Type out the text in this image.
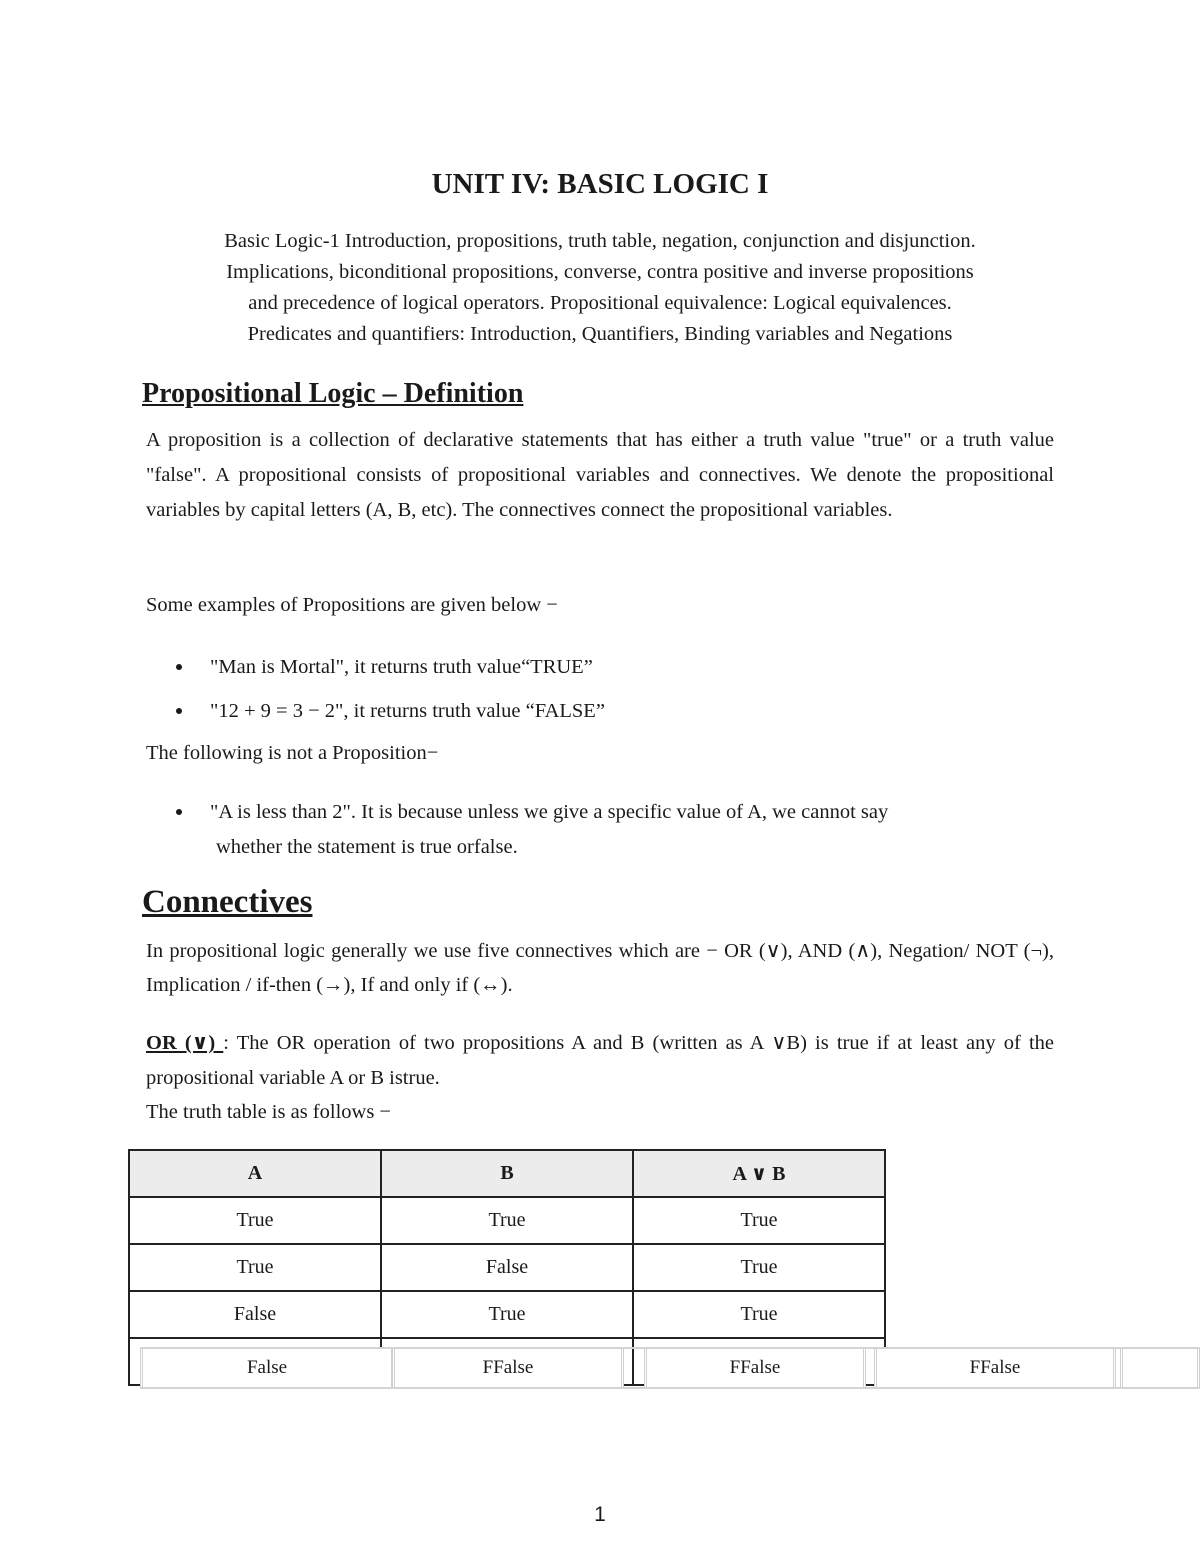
UNIT IV: BASIC LOGIC I

Basic Logic-1 Introduction, propositions, truth table, negation, conjunction and disjunction.
Implications, biconditional propositions, converse, contra positive and inverse propositions
and precedence of logical operators. Propositional equivalence: Logical equivalences.
Predicates and quantifiers: Introduction, Quantifiers, Binding variables and Negations

Propositional Logic – Definition

A proposition is a collection of declarative statements that has either a truth value "true" or a truth value "false". A propositional consists of propositional variables and connectives. We denote the propositional variables by capital letters (A, B, etc). The connectives connect the propositional variables.

Some examples of Propositions are given below −

"Man is Mortal", it returns truth value“TRUE”
"12 + 9 = 3 − 2", it returns truth value “FALSE”

The following is not a Proposition−

"A is less than 2". It is because unless we give a specific value of A, we cannot say
whether the statement is true orfalse.
Connectives

In propositional logic generally we use five connectives which are − OR (∨), AND (∧), Negation/ NOT (¬), Implication / if-then (→), If and only if (↔).

OR (∨) : The OR operation of two propositions A and B (written as A ∨B) is true if at least any of the propositional variable A or B istrue.

The truth table is as follows −

A	B	A ∨ B
True	True	True
True	False	True
False	True	True

False	FFalse	FFalse	FFalse
1
